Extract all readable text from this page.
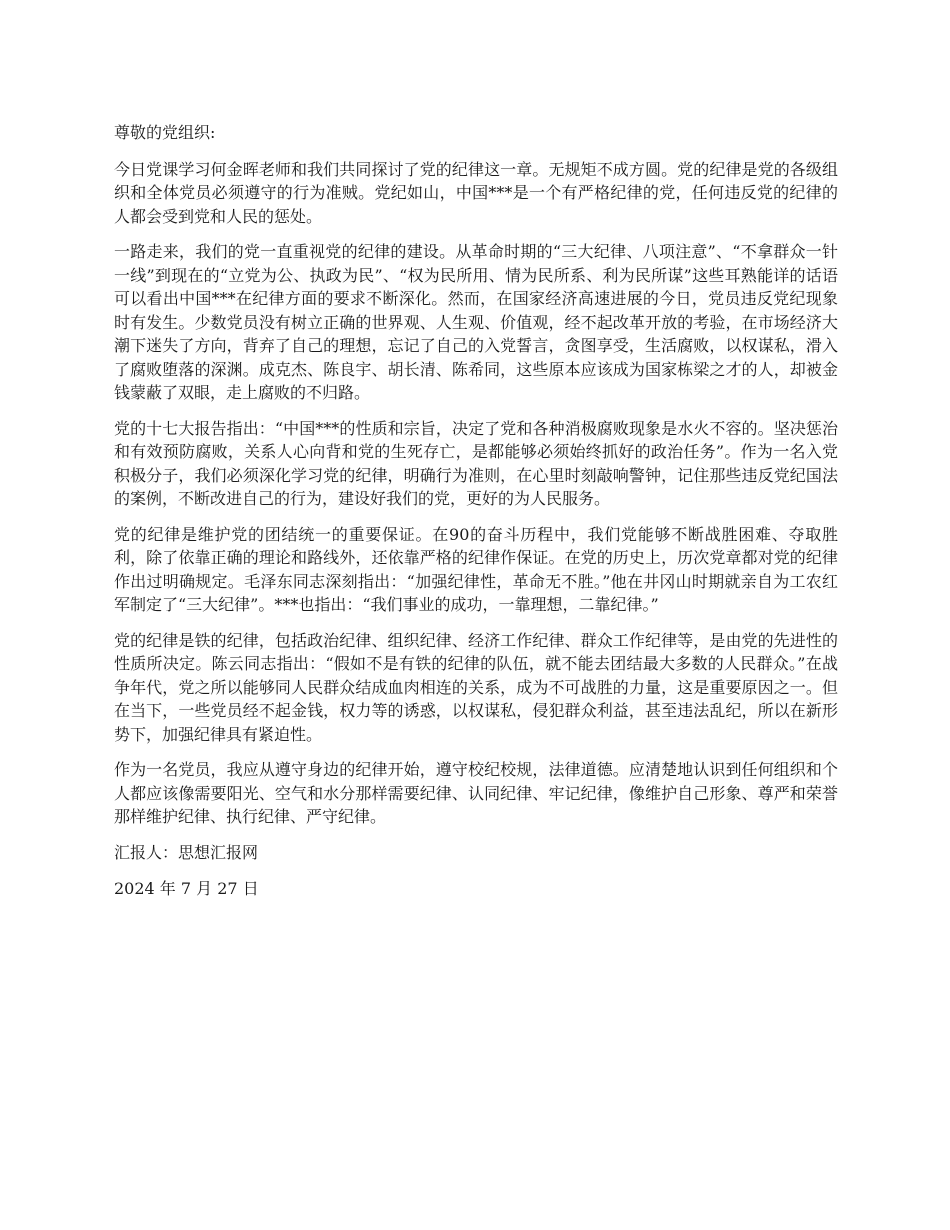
尊敬的党组织:

今日党课学习何金晖老师和我们共同探讨了党的纪律这一章。无规矩不成方圆。党的纪律是党的各级组织和全体党员必须遵守的行为准贼。党纪如山，中国***是一个有严格纪律的党，任何违反党的纪律的人都会受到党和人民的惩处。

一路走来，我们的党一直重视党的纪律的建设。从革命时期的“三大纪律、八项注意”、“不拿群众一针一线”到现在的“立党为公、执政为民”、“权为民所用、情为民所系、利为民所谋”这些耳熟能详的话语可以看出中国***在纪律方面的要求不断深化。然而，在国家经济高速进展的今日，党员违反党纪现象时有发生。少数党员没有树立正确的世界观、人生观、价值观，经不起改革开放的考验，在市场经济大潮下迷失了方向，背弃了自己的理想，忘记了自己的入党誓言，贪图享受，生活腐败，以权谋私，滑入了腐败堕落的深渊。成克杰、陈良宇、胡长清、陈希同，这些原本应该成为国家栋梁之才的人，却被金钱蒙蔽了双眼，走上腐败的不归路。

党的十七大报告指出：“中国***的性质和宗旨，决定了党和各种消极腐败现象是水火不容的。坚决惩治和有效预防腐败，关系人心向背和党的生死存亡，是都能够必须始终抓好的政治任务”。作为一名入党积极分子，我们必须深化学习党的纪律，明确行为准则，在心里时刻敲响警钟，记住那些违反党纪国法的案例，不断改进自己的行为，建设好我们的党，更好的为人民服务。

党的纪律是维护党的团结统一的重要保证。在90的奋斗历程中，我们党能够不断战胜困难、夺取胜利，除了依靠正确的理论和路线外，还依靠严格的纪律作保证。在党的历史上，历次党章都对党的纪律作出过明确规定。毛泽东同志深刻指出：“加强纪律性，革命无不胜。”他在井冈山时期就亲自为工农红军制定了“三大纪律”。***也指出：“我们事业的成功，一靠理想，二靠纪律。”

党的纪律是铁的纪律，包括政治纪律、组织纪律、经济工作纪律、群众工作纪律等，是由党的先进性的性质所决定。陈云同志指出：“假如不是有铁的纪律的队伍，就不能去团结最大多数的人民群众。”在战争年代，党之所以能够同人民群众结成血肉相连的关系，成为不可战胜的力量，这是重要原因之一。但在当下，一些党员经不起金钱，权力等的诱惑，以权谋私，侵犯群众利益，甚至违法乱纪，所以在新形势下，加强纪律具有紧迫性。

作为一名党员，我应从遵守身边的纪律开始，遵守校纪校规，法律道德。应清楚地认识到任何组织和个人都应该像需要阳光、空气和水分那样需要纪律、认同纪律、牢记纪律，像维护自己形象、尊严和荣誉那样维护纪律、执行纪律、严守纪律。

汇报人：思想汇报网

2024 年 7 月 27 日
